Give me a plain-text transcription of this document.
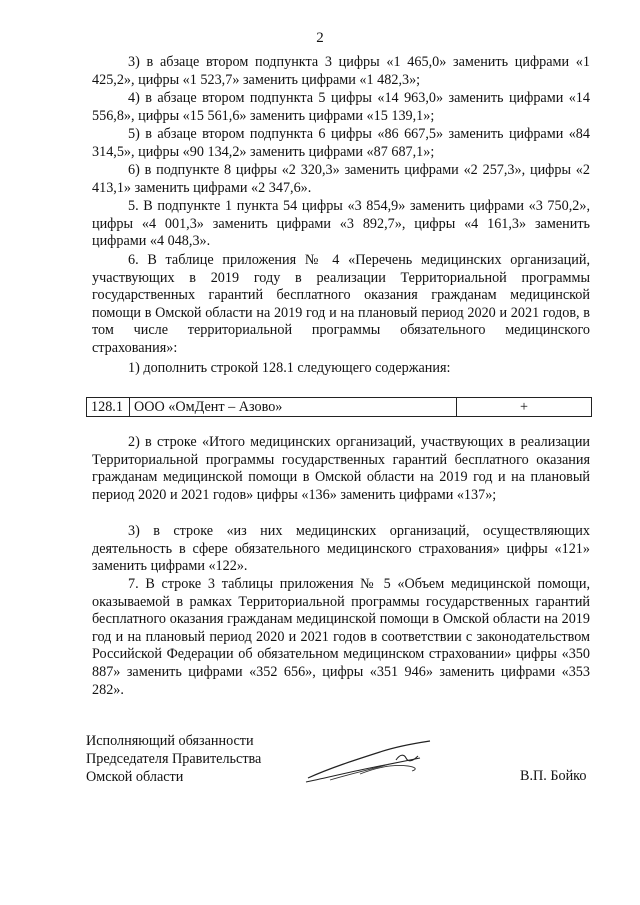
2

3) в абзаце втором подпункта 3 цифры «1 465,0» заменить цифрами «1 425,2», цифры «1 523,7» заменить цифрами «1 482,3»;

4) в абзаце втором подпункта 5 цифры «14 963,0» заменить цифрами «14 556,8», цифры «15 561,6» заменить цифрами «15 139,1»;

5) в абзаце втором подпункта 6 цифры «86 667,5» заменить цифрами «84 314,5», цифры «90 134,2» заменить цифрами «87 687,1»;

6) в подпункте 8 цифры «2 320,3» заменить цифрами «2 257,3», цифры «2 413,1» заменить цифрами «2 347,6».

5. В подпункте 1 пункта 54 цифры «3 854,9» заменить цифрами «3 750,2», цифры «4 001,3» заменить цифрами «3 892,7», цифры «4 161,3» заменить цифрами «4 048,3».

6. В таблице приложения № 4 «Перечень медицинских организаций, участвующих в 2019 году в реализации Территориальной программы государственных гарантий бесплатного оказания гражданам медицинской помощи в Омской области на 2019 год и на плановый период 2020 и 2021 годов, в том числе территориальной программы обязательного медицинского страхования»:

1) дополнить строкой 128.1 следующего содержания:

128.1 ООО «ОмДент – Азово»	+

2) в строке «Итого медицинских организаций, участвующих в реализации Территориальной программы государственных гарантий бесплатного оказания гражданам медицинской помощи в Омской области на 2019 год и на плановый период 2020 и 2021 годов» цифры «136» заменить цифрами «137»;

3) в строке «из них медицинских организаций, осуществляющих деятельность в сфере обязательного медицинского страхования» цифры «121» заменить цифрами «122».

7. В строке 3 таблицы приложения № 5 «Объем медицинской помощи, оказываемой в рамках Территориальной программы государственных гарантий бесплатного оказания гражданам медицинской помощи в Омской области на 2019 год и на плановый период 2020 и 2021 годов в соответствии с законодательством Российской Федерации об обязательном медицинском страховании» цифры «350 887» заменить цифрами «352 656», цифры «351 946» заменить цифрами «353 282».

Исполняющий обязанности
Председателя Правительства
Омской области	В.П. Бойко
